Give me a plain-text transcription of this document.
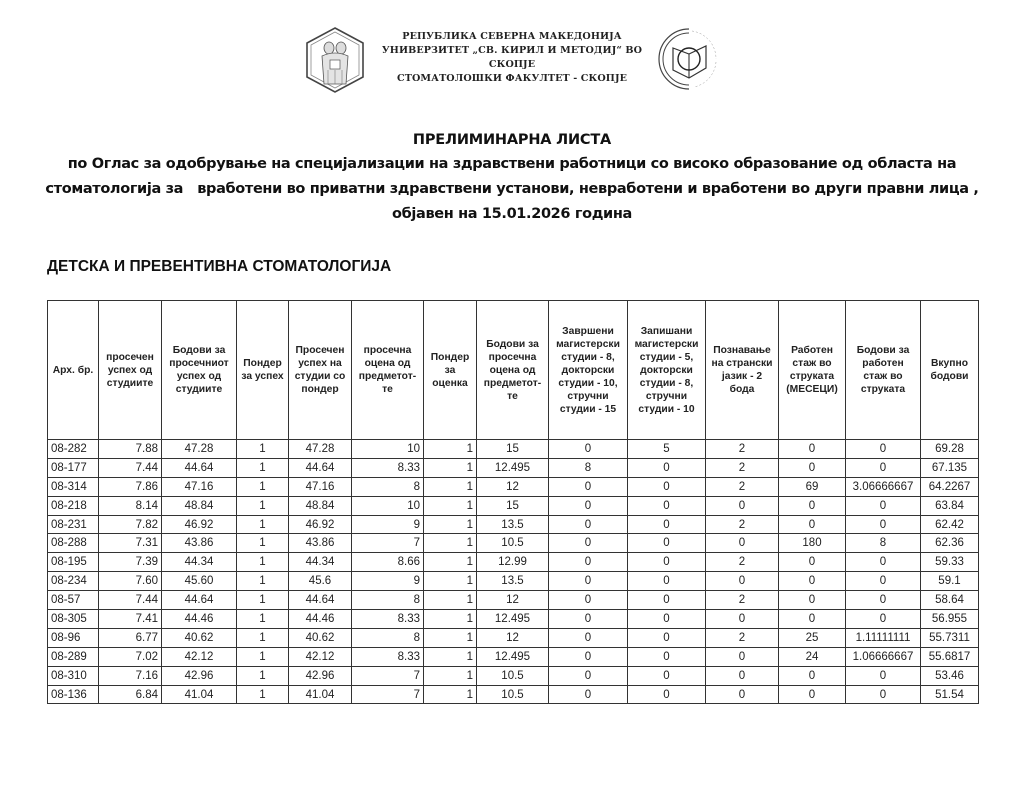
РЕПУБЛИКА СЕВЕРНА МАКЕДОНИЈА
УНИВЕРЗИТЕТ „СВ. КИРИЛ И МЕТОДИЈ“ ВО СКОПЈЕ
СТОМАТОЛОШКИ ФАКУЛТЕТ - СКОПЈЕ
ПРЕЛИМИНАРНА ЛИСТА
по Оглас за одобрување на специјализации на здравствени работници со високо образование од областа на
стоматологија за   вработени во приватни здравствени установи, невработени и вработени во други правни лица ,
објавен на 15.01.2026 година
ДЕТСКА И ПРЕВЕНТИВНА СТОМАТОЛОГИЈА
Арх. бр.	просечен успех од студиите	Бодови за просечниот успех од студиите	Пондер за успех	Просечен успех на студии со пондер	просечна оцена од предметот-те	Пондер за оценка	Бодови за просечна оцена од предметот-те	Завршени магистерски студии - 8, докторски студии - 10, стручни студии - 15	Запишани магистерски студии - 5, докторски студии - 8, стручни студии - 10	Познавање на странски јазик - 2 бода	Работен стаж во струката (МЕСЕЦИ)	Бодови за работен стаж во струката	Вкупно бодови
08-282	7.88	47.28	1	47.28	10	1	15	0	5	2	0	0	69.28
08-177	7.44	44.64	1	44.64	8.33	1	12.495	8	0	2	0	0	67.135
08-314	7.86	47.16	1	47.16	8	1	12	0	0	2	69	3.06666667	64.2267
08-218	8.14	48.84	1	48.84	10	1	15	0	0	0	0	0	63.84
08-231	7.82	46.92	1	46.92	9	1	13.5	0	0	2	0	0	62.42
08-288	7.31	43.86	1	43.86	7	1	10.5	0	0	0	180	8	62.36
08-195	7.39	44.34	1	44.34	8.66	1	12.99	0	0	2	0	0	59.33
08-234	7.60	45.60	1	45.6	9	1	13.5	0	0	0	0	0	59.1
08-57	7.44	44.64	1	44.64	8	1	12	0	0	2	0	0	58.64
08-305	7.41	44.46	1	44.46	8.33	1	12.495	0	0	0	0	0	56.955
08-96	6.77	40.62	1	40.62	8	1	12	0	0	2	25	1.11111111	55.7311
08-289	7.02	42.12	1	42.12	8.33	1	12.495	0	0	0	24	1.06666667	55.6817
08-310	7.16	42.96	1	42.96	7	1	10.5	0	0	0	0	0	53.46
08-136	6.84	41.04	1	41.04	7	1	10.5	0	0	0	0	0	51.54
